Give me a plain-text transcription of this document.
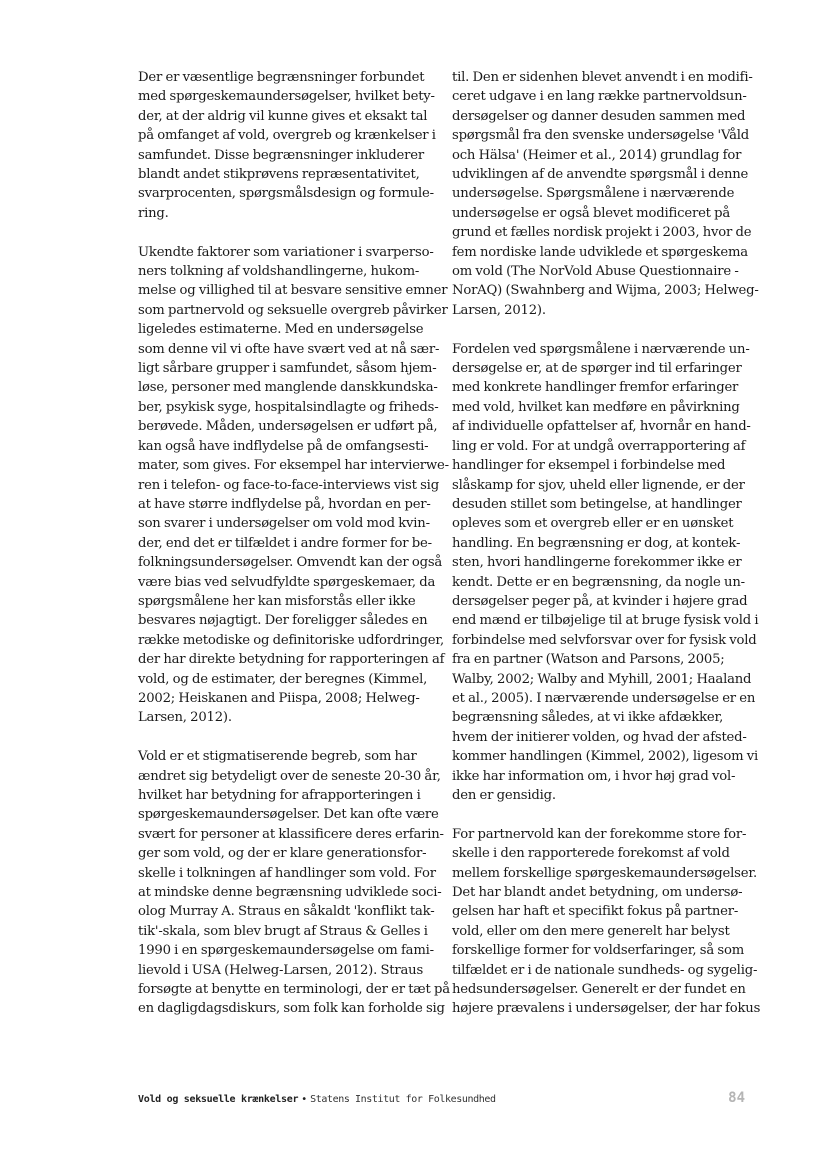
Der er væsentlige begrænsninger forbundet
med spørgeskemaundersøgelser, hvilket bety-
der, at der aldrig vil kunne gives et eksakt tal
på omfanget af vold, overgreb og krænkelser i
samfundet. Disse begrænsninger inkluderer
blandt andet stikprøvens repræsentativitet,
svarprocenten, spørgsmålsdesign og formule-
ring.

Ukendte faktorer som variationer i svarperso-
ners tolkning af voldshandlingerne, hukom-
melse og villighed til at besvare sensitive emner
som partnervold og seksuelle overgreb påvirker
ligeledes estimaterne. Med en undersøgelse
som denne vil vi ofte have svært ved at nå sær-
ligt sårbare grupper i samfundet, såsom hjem-
løse, personer med manglende danskkundska-
ber, psykisk syge, hospitalsindlagte og friheds-
berøvede. Måden, undersøgelsen er udført på,
kan også have indflydelse på de omfangsesti-
mater, som gives. For eksempel har intervierwe-
ren i telefon- og face-to-face-interviews vist sig
at have større indflydelse på, hvordan en per-
son svarer i undersøgelser om vold mod kvin-
der, end det er tilfældet i andre former for be-
folkningsundersøgelser. Omvendt kan der også
være bias ved selvudfyldte spørgeskemaer, da
spørgsmålene her kan misforstås eller ikke
besvares nøjagtigt. Der foreligger således en
række metodiske og definitoriske udfordringer,
der har direkte betydning for rapporteringen af
vold, og de estimater, der beregnes (Kimmel,
2002; Heiskanen and Piispa, 2008; Helweg-
Larsen, 2012).

Vold er et stigmatiserende begreb, som har
ændret sig betydeligt over de seneste 20-30 år,
hvilket har betydning for afrapporteringen i
spørgeskemaundersøgelser. Det kan ofte være
svært for personer at klassificere deres erfarin-
ger som vold, og der er klare generationsfor-
skelle i tolkningen af handlinger som vold. For
at mindske denne begrænsning udviklede soci-
olog Murray A. Straus en såkaldt 'konflikt tak-
tik'-skala, som blev brugt af Straus & Gelles i
1990 i en spørgeskemaundersøgelse om fami-
lievold i USA (Helweg-Larsen, 2012). Straus
forsøgte at benytte en terminologi, der er tæt på
en dagligdagsdiskurs, som folk kan forholde sig

til. Den er sidenhen blevet anvendt i en modifi-
ceret udgave i en lang række partnervoldsun-
dersøgelser og danner desuden sammen med
spørgsmål fra den svenske undersøgelse 'Våld
och Hälsa' (Heimer et al., 2014) grundlag for
udviklingen af de anvendte spørgsmål i denne
undersøgelse. Spørgsmålene i nærværende
undersøgelse er også blevet modificeret på
grund et fælles nordisk projekt i 2003, hvor de
fem nordiske lande udviklede et spørgeskema
om vold (The NorVold Abuse Questionnaire -
NorAQ) (Swahnberg and Wijma, 2003; Helweg-
Larsen, 2012).

Fordelen ved spørgsmålene i nærværende un-
dersøgelse er, at de spørger ind til erfaringer
med konkrete handlinger fremfor erfaringer
med vold, hvilket kan medføre en påvirkning
af individuelle opfattelser af, hvornår en hand-
ling er vold. For at undgå overrapportering af
handlinger for eksempel i forbindelse med
slåskamp for sjov, uheld eller lignende, er der
desuden stillet som betingelse, at handlinger
opleves som et overgreb eller er en uønsket
handling. En begrænsning er dog, at kontek-
sten, hvori handlingerne forekommer ikke er
kendt. Dette er en begrænsning, da nogle un-
dersøgelser peger på, at kvinder i højere grad
end mænd er tilbøjelige til at bruge fysisk vold i
forbindelse med selvforsvar over for fysisk vold
fra en partner (Watson and Parsons, 2005;
Walby, 2002; Walby and Myhill, 2001; Haaland
et al., 2005). I nærværende undersøgelse er en
begrænsning således, at vi ikke afdækker,
hvem der initierer volden, og hvad der afsted-
kommer handlingen (Kimmel, 2002), ligesom vi
ikke har information om, i hvor høj grad vol-
den er gensidig.

For partnervold kan der forekomme store for-
skelle i den rapporterede forekomst af vold
mellem forskellige spørgeskemaundersøgelser.
Det har blandt andet betydning, om undersø-
gelsen har haft et specifikt fokus på partner-
vold, eller om den mere generelt har belyst
forskellige former for voldserfaringer, så som
tilfældet er i de nationale sundheds- og sygelig-
hedsundersøgelser. Generelt er der fundet en
højere prævalens i undersøgelser, der har fokus

Vold og seksuelle krænkelser • Statens Institut for Folkesundhed	84
